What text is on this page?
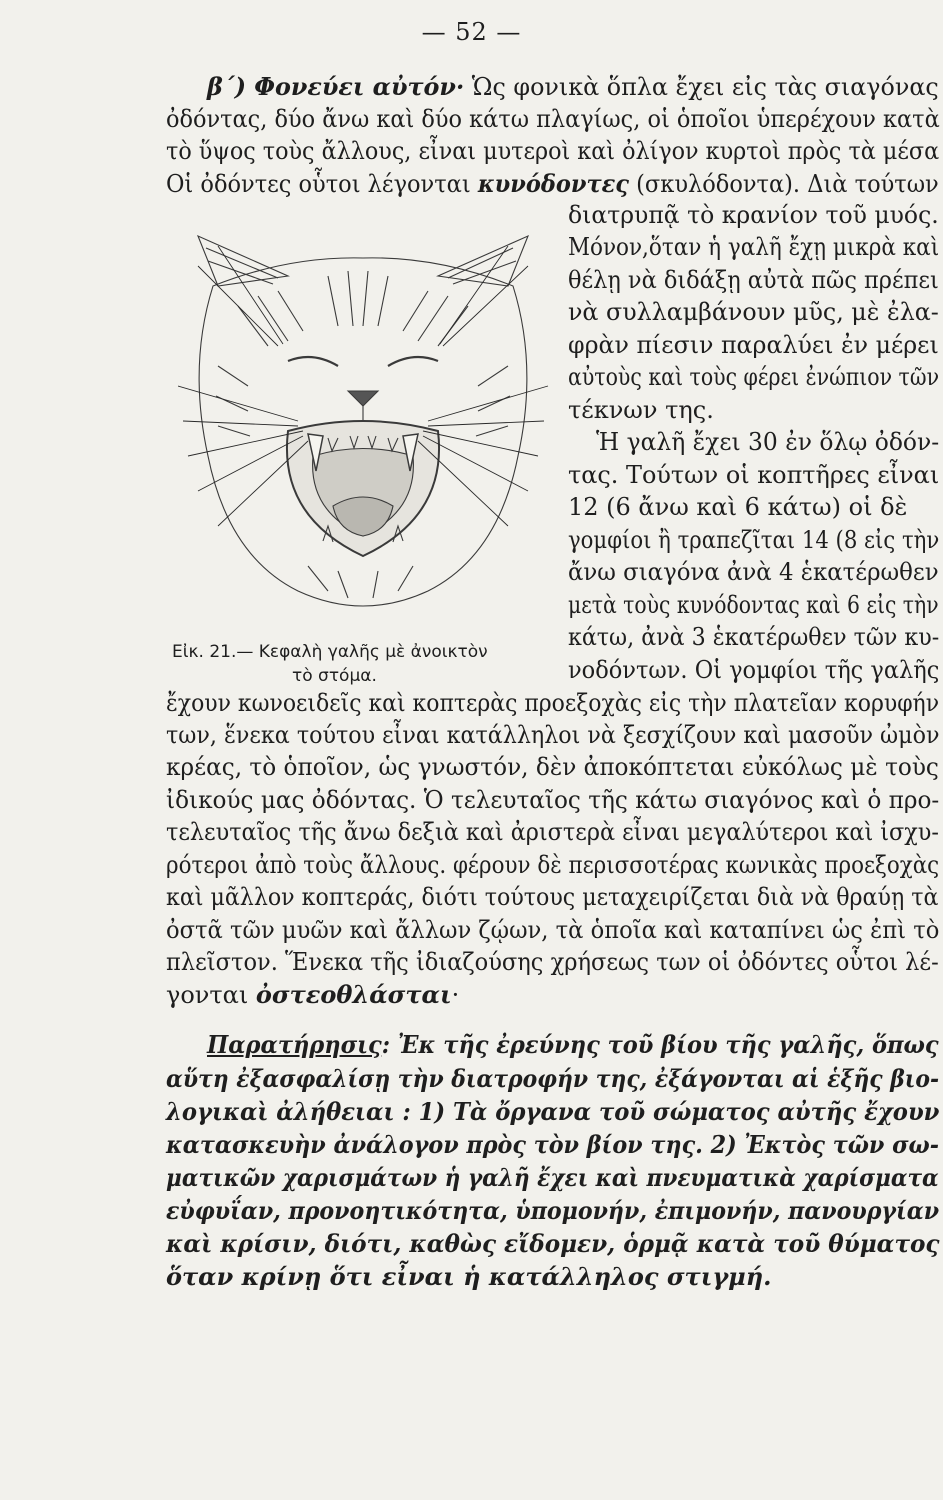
— 52 —
β΄) Φονεύει αὐτόν· Ὡς φονικὰ ὅπλα ἔχει εἰς τὰς σιαγόνας
ὀδόντας, δύο ἄνω καὶ δύο κάτω πλαγίως, οἱ ὁποῖοι ὑπερέχουν κατὰ
τὸ ὕψος τοὺς ἄλλους, εἶναι μυτεροὶ καὶ ὀλίγον κυρτοὶ πρὸς τὰ μέσα
Οἱ ὀδόντες οὗτοι λέγονται κυνόδοντες (σκυλόδοντα). Διὰ τούτων
Εἰκ. 21.— Κεφαλὴ γαλῆς μὲ ἀνοικτὸν
τὸ στόμα.
διατρυπᾷ τὸ κρανίον τοῦ μυός.
Μόνον,ὅταν ἡ γαλῆ ἔχῃ μικρὰ καὶ
θέλῃ νὰ διδάξῃ αὐτὰ πῶς πρέπει
νὰ συλλαμβάνουν μῦς, μὲ ἐλα-
φρὰν πίεσιν παραλύει ἐν μέρει
αὐτοὺς καὶ τοὺς φέρει ἐνώπιον τῶν
τέκνων της.
Ἡ γαλῆ ἔχει 30 ἐν ὅλῳ ὀδόν-
τας. Τούτων οἱ κοπτῆρες εἶναι
12 (6 ἄνω καὶ 6 κάτω) οἱ δὲ
γομφίοι ἢ τραπεζῖται 14 (8 εἰς τὴν
ἄνω σιαγόνα ἀνὰ 4 ἑκατέρωθεν
μετὰ τοὺς κυνόδοντας καὶ 6 εἰς τὴν
κάτω, ἀνὰ 3 ἑκατέρωθεν τῶν κυ-
νοδόντων. Οἱ γομφίοι τῆς γαλῆς
ἔχουν κωνοειδεῖς καὶ κοπτερὰς προεξοχὰς εἰς τὴν πλατεῖαν κορυφήν
των, ἕνεκα τούτου εἶναι κατάλληλοι νὰ ξεσχίζουν καὶ μασοῦν ὠμὸν
κρέας, τὸ ὁποῖον, ὡς γνωστόν, δὲν ἀποκόπτεται εὐκόλως μὲ τοὺς
ἰδικούς μας ὀδόντας. Ὁ τελευταῖος τῆς κάτω σιαγόνος καὶ ὁ προ-
τελευταῖος τῆς ἄνω δεξιὰ καὶ ἀριστερὰ εἶναι μεγαλύτεροι καὶ ἰσχυ-
ρότεροι ἀπὸ τοὺς ἄλλους. φέρουν δὲ περισσοτέρας κωνικὰς προεξοχὰς
καὶ μᾶλλον κοπτεράς, διότι τούτους μεταχειρίζεται διὰ νὰ θραύῃ τὰ
ὀστᾶ τῶν μυῶν καὶ ἄλλων ζῴων, τὰ ὁποῖα καὶ καταπίνει ὡς ἐπὶ τὸ
πλεῖστον. Ἕνεκα τῆς ἰδιαζούσης χρήσεως των οἱ ὀδόντες οὗτοι λέ-
γονται ὀστεοθλάσται·
Παρατήρησις: Ἐκ τῆς ἐρεύνης τοῦ βίου τῆς γαλῆς, ὅπως
αὕτη ἐξασφαλίσῃ τὴν διατροφήν της, ἐξάγονται αἱ ἑξῆς βιο-
λογικαὶ ἀλήθειαι : 1) Τὰ ὄργανα τοῦ σώματος αὐτῆς ἔχουν
κατασκευὴν ἀνάλογον πρὸς τὸν βίον της. 2) Ἐκτὸς τῶν σω-
ματικῶν χαρισμάτων ἡ γαλῆ ἔχει καὶ πνευματικὰ χαρίσματα
εὐφυΐαν, προνοητικότητα, ὑπομονήν, ἐπιμονήν, πανουργίαν
καὶ κρίσιν, διότι, καθὼς εἴδομεν, ὁρμᾷ κατὰ τοῦ θύματος
ὅταν κρίνῃ ὅτι εἶναι ἡ κατάλληλος στιγμή.
